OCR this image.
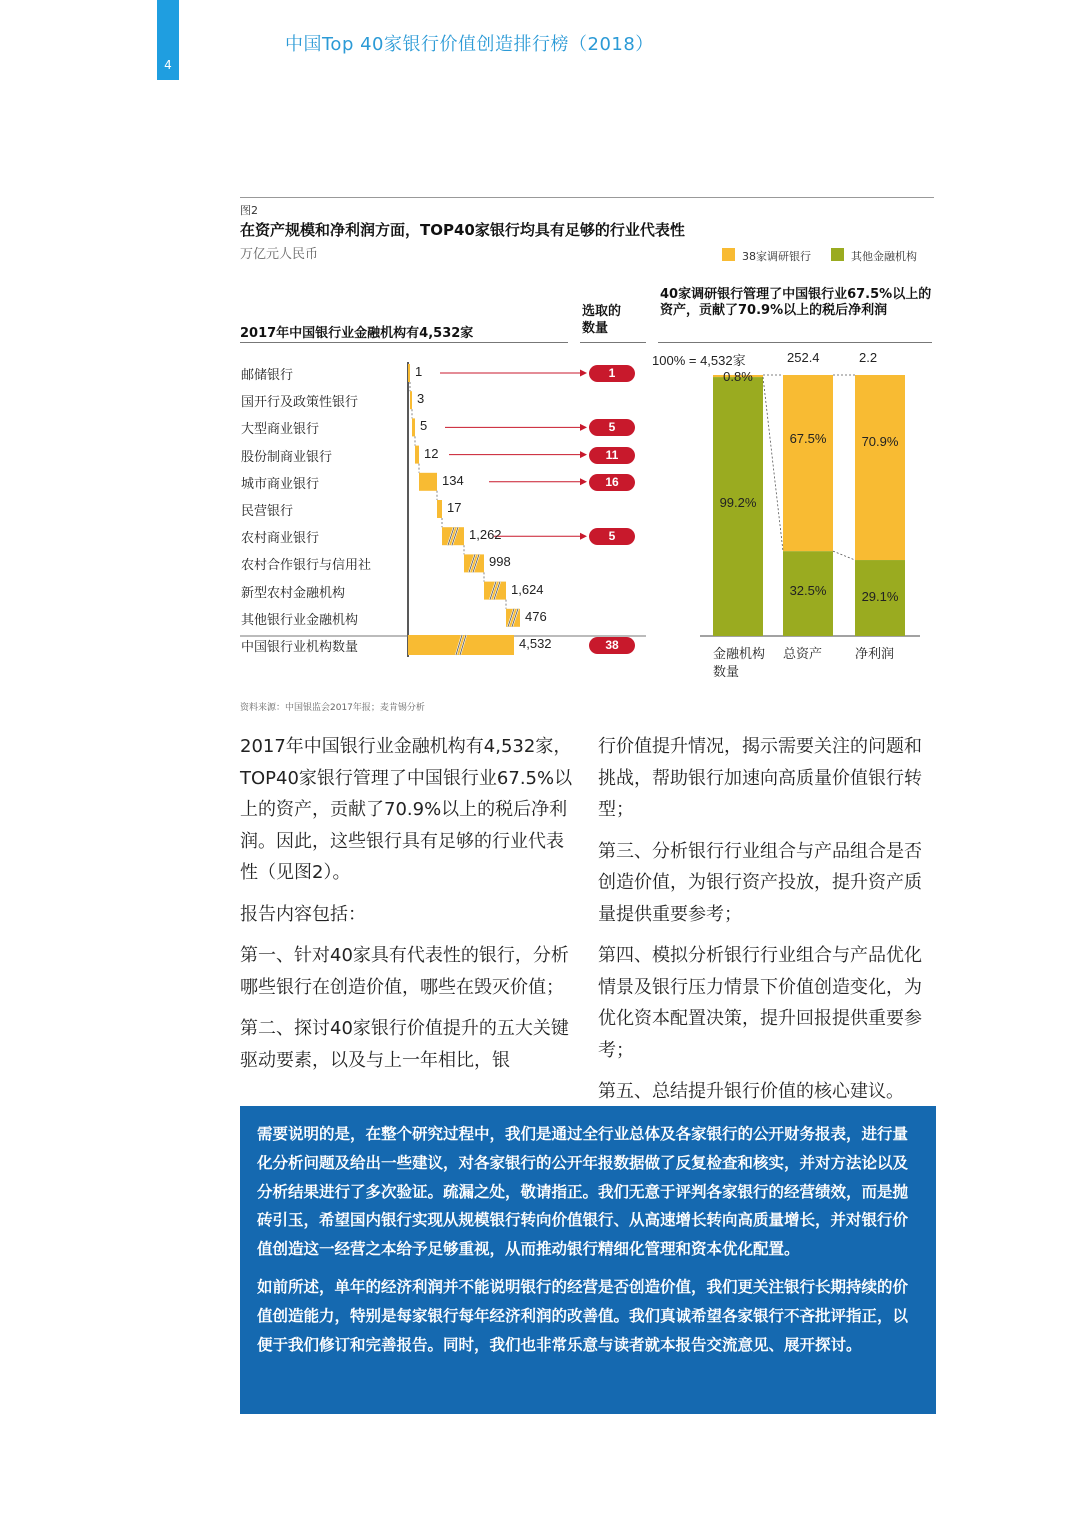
4
中国Top 40家银行价值创造排行榜（2018）
图2
在资产规模和净利润方面，TOP40家银行均具有足够的行业代表性
万亿元人民币	38家调研银行	其他金融机构
2017年中国银行业金融机构有4,532家
选取的
数量
40家调研银行管理了中国银行业67.5%以上的资产，贡献了70.9%以上的税后净利润
邮储银行	1	1
国开行及政策性银行	3
大型商业银行	5	5
股份制商业银行	12	11
城市商业银行	134	16
民营银行	17
农村商业银行	1,262	5
农村合作银行与信用社	998
新型农村金融机构	1,624
其他银行业金融机构	476
中国银行业机构数量	4,532	38
100% = 4,532家
金融机构数量
0.8%
99.2%
252.4
总资产
67.5%
32.5%
2.2
净利润
70.9%
29.1%
资料来源：中国银监会2017年报；麦肯锡分析

2017年中国银行业金融机构有4,532家，TOP40家银行管理了中国银行业67.5%以上的资产，贡献了70.9%以上的税后净利润。因此，这些银行具有足够的行业代表性（见图2）。

报告内容包括：

第一、针对40家具有代表性的银行，分析哪些银行在创造价值，哪些在毁灭价值；

第二、探讨40家银行价值提升的五大关键驱动要素，以及与上一年相比，银

行价值提升情况，揭示需要关注的问题和挑战，帮助银行加速向高质量价值银行转型；

第三、分析银行行业组合与产品组合是否创造价值，为银行资产投放，提升资产质量提供重要参考；

第四、模拟分析银行行业组合与产品优化情景及银行压力情景下价值创造变化，为优化资本配置决策，提升回报提供重要参考；

第五、总结提升银行价值的核心建议。

需要说明的是，在整个研究过程中，我们是通过全行业总体及各家银行的公开财务报表，进行量化分析问题及给出一些建议，对各家银行的公开年报数据做了反复检查和核实，并对方法论以及分析结果进行了多次验证。疏漏之处，敬请指正。我们无意于评判各家银行的经营绩效，而是抛砖引玉，希望国内银行实现从规模银行转向价值银行、从高速增长转向高质量增长，并对银行价值创造这一经营之本给予足够重视，从而推动银行精细化管理和资本优化配置。

如前所述，单年的经济利润并不能说明银行的经营是否创造价值，我们更关注银行长期持续的价值创造能力，特别是每家银行每年经济利润的改善值。我们真诚希望各家银行不吝批评指正，以便于我们修订和完善报告。同时，我们也非常乐意与读者就本报告交流意见、展开探讨。
